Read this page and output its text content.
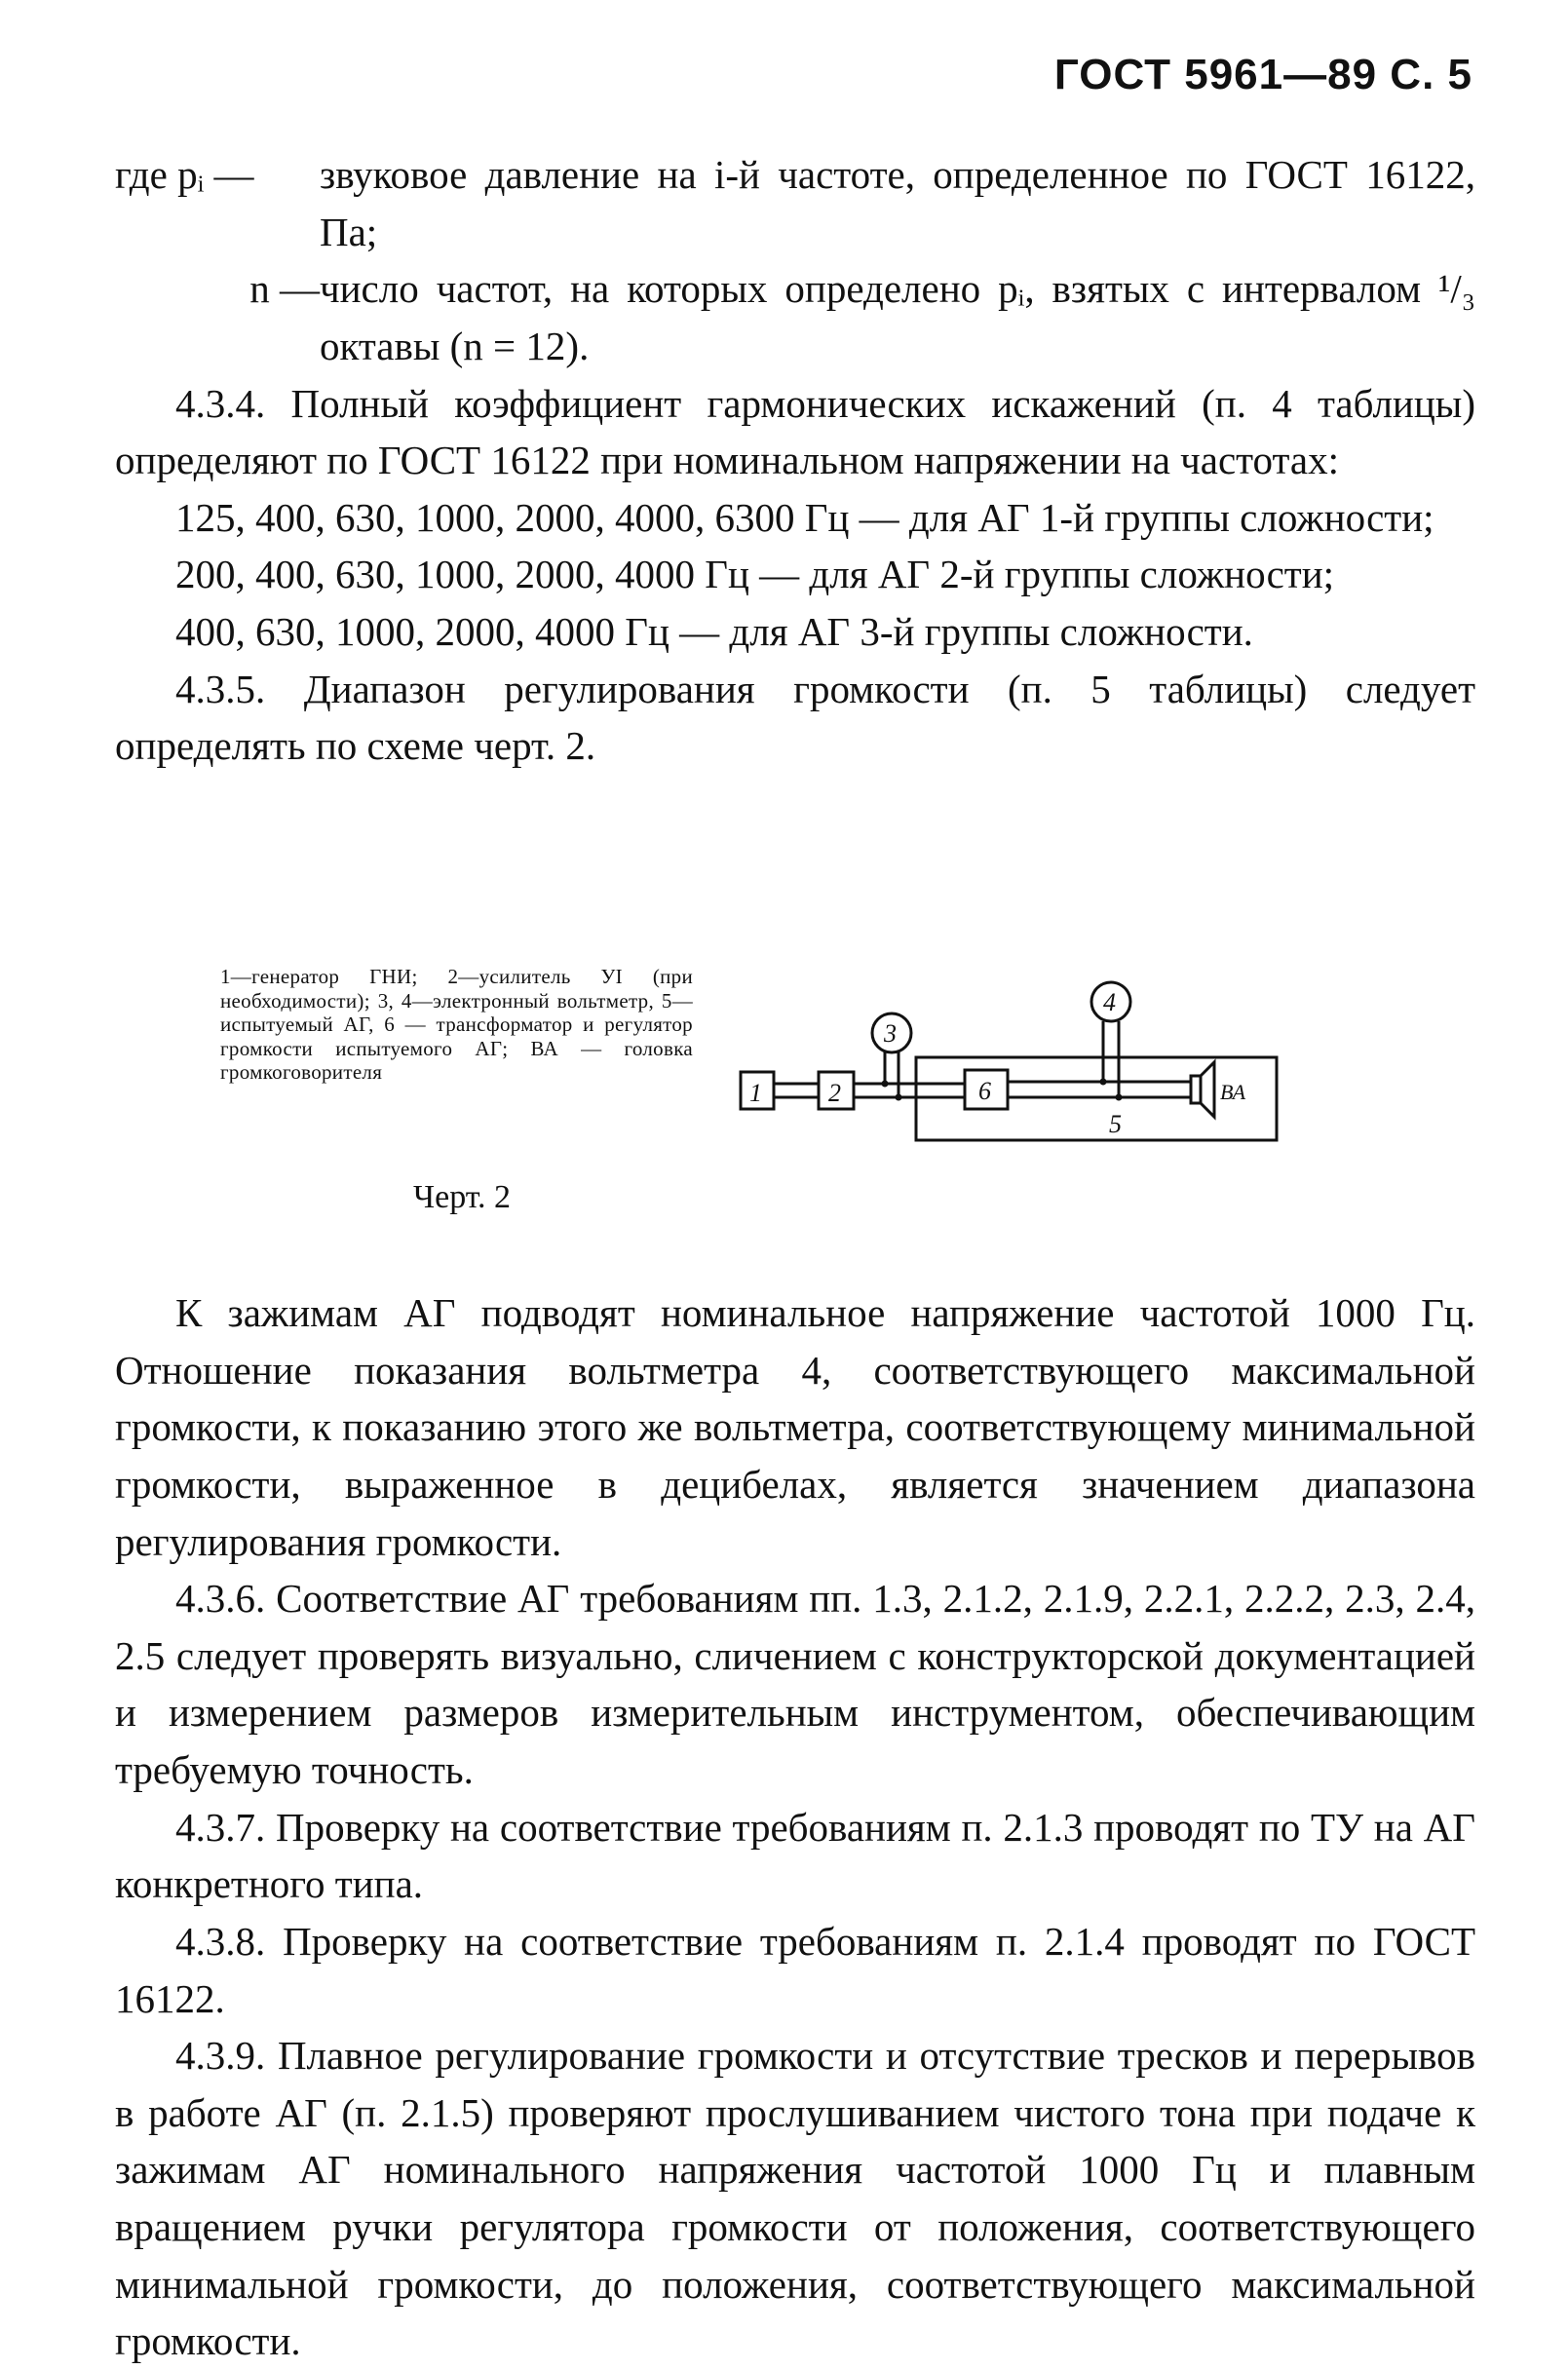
ГОСТ 5961—89 С. 5
где pᵢ —	звуковое давление на i-й частоте, определенное по ГОСТ 16122, Па;

n — число частот, на которых определено pᵢ, взятых с интервалом ¹/₃ октавы (n = 12).

4.3.4. Полный коэффициент гармонических искажений (п. 4 таблицы) определяют по ГОСТ 16122 при номинальном напряжении на частотах:

125, 400, 630, 1000, 2000, 4000, 6300 Гц — для АГ 1-й группы сложности;

200, 400, 630, 1000, 2000, 4000 Гц — для АГ 2-й группы сложности;

400, 630, 1000, 2000, 4000 Гц — для АГ 3-й группы сложности.

4.3.5. Диапазон регулирования громкости (п. 5 таблицы) следует определять по схеме черт. 2.

1—генератор ГНИ; 2—усилитель УI (при необходимости); 3, 4—электронный вольтметр, 5—испытуемый АГ, 6 — трансформатор и регулятор громкости испытуемого АГ; ВА — головка громкоговорителя
Черт. 2
1	2
3
4
6
5
ВА

К зажимам АГ подводят номинальное напряжение частотой 1000 Гц. Отношение показания вольтметра 4, соответствующего максимальной громкости, к показанию этого же вольтметра, соответствующему минимальной громкости, выраженное в децибелах, является значением диапазона регулирования громкости.

4.3.6. Соответствие АГ требованиям пп. 1.3, 2.1.2, 2.1.9, 2.2.1, 2.2.2, 2.3, 2.4, 2.5 следует проверять визуально, сличением с конструкторской документацией и измерением размеров измерительным инструментом, обеспечивающим требуемую точность.

4.3.7. Проверку на соответствие требованиям п. 2.1.3 проводят по ТУ на АГ конкретного типа.

4.3.8. Проверку на соответствие требованиям п. 2.1.4 проводят по ГОСТ 16122.

4.3.9. Плавное регулирование громкости и отсутствие тресков и перерывов в работе АГ (п. 2.1.5) проверяют прослушиванием чистого тона при подаче к зажимам АГ номинального напряжения частотой 1000 Гц и плавным вращением ручки регулятора громкости от положения, соответствующего минимальной громкости, до положения, соответствующего максимальной громкости.
